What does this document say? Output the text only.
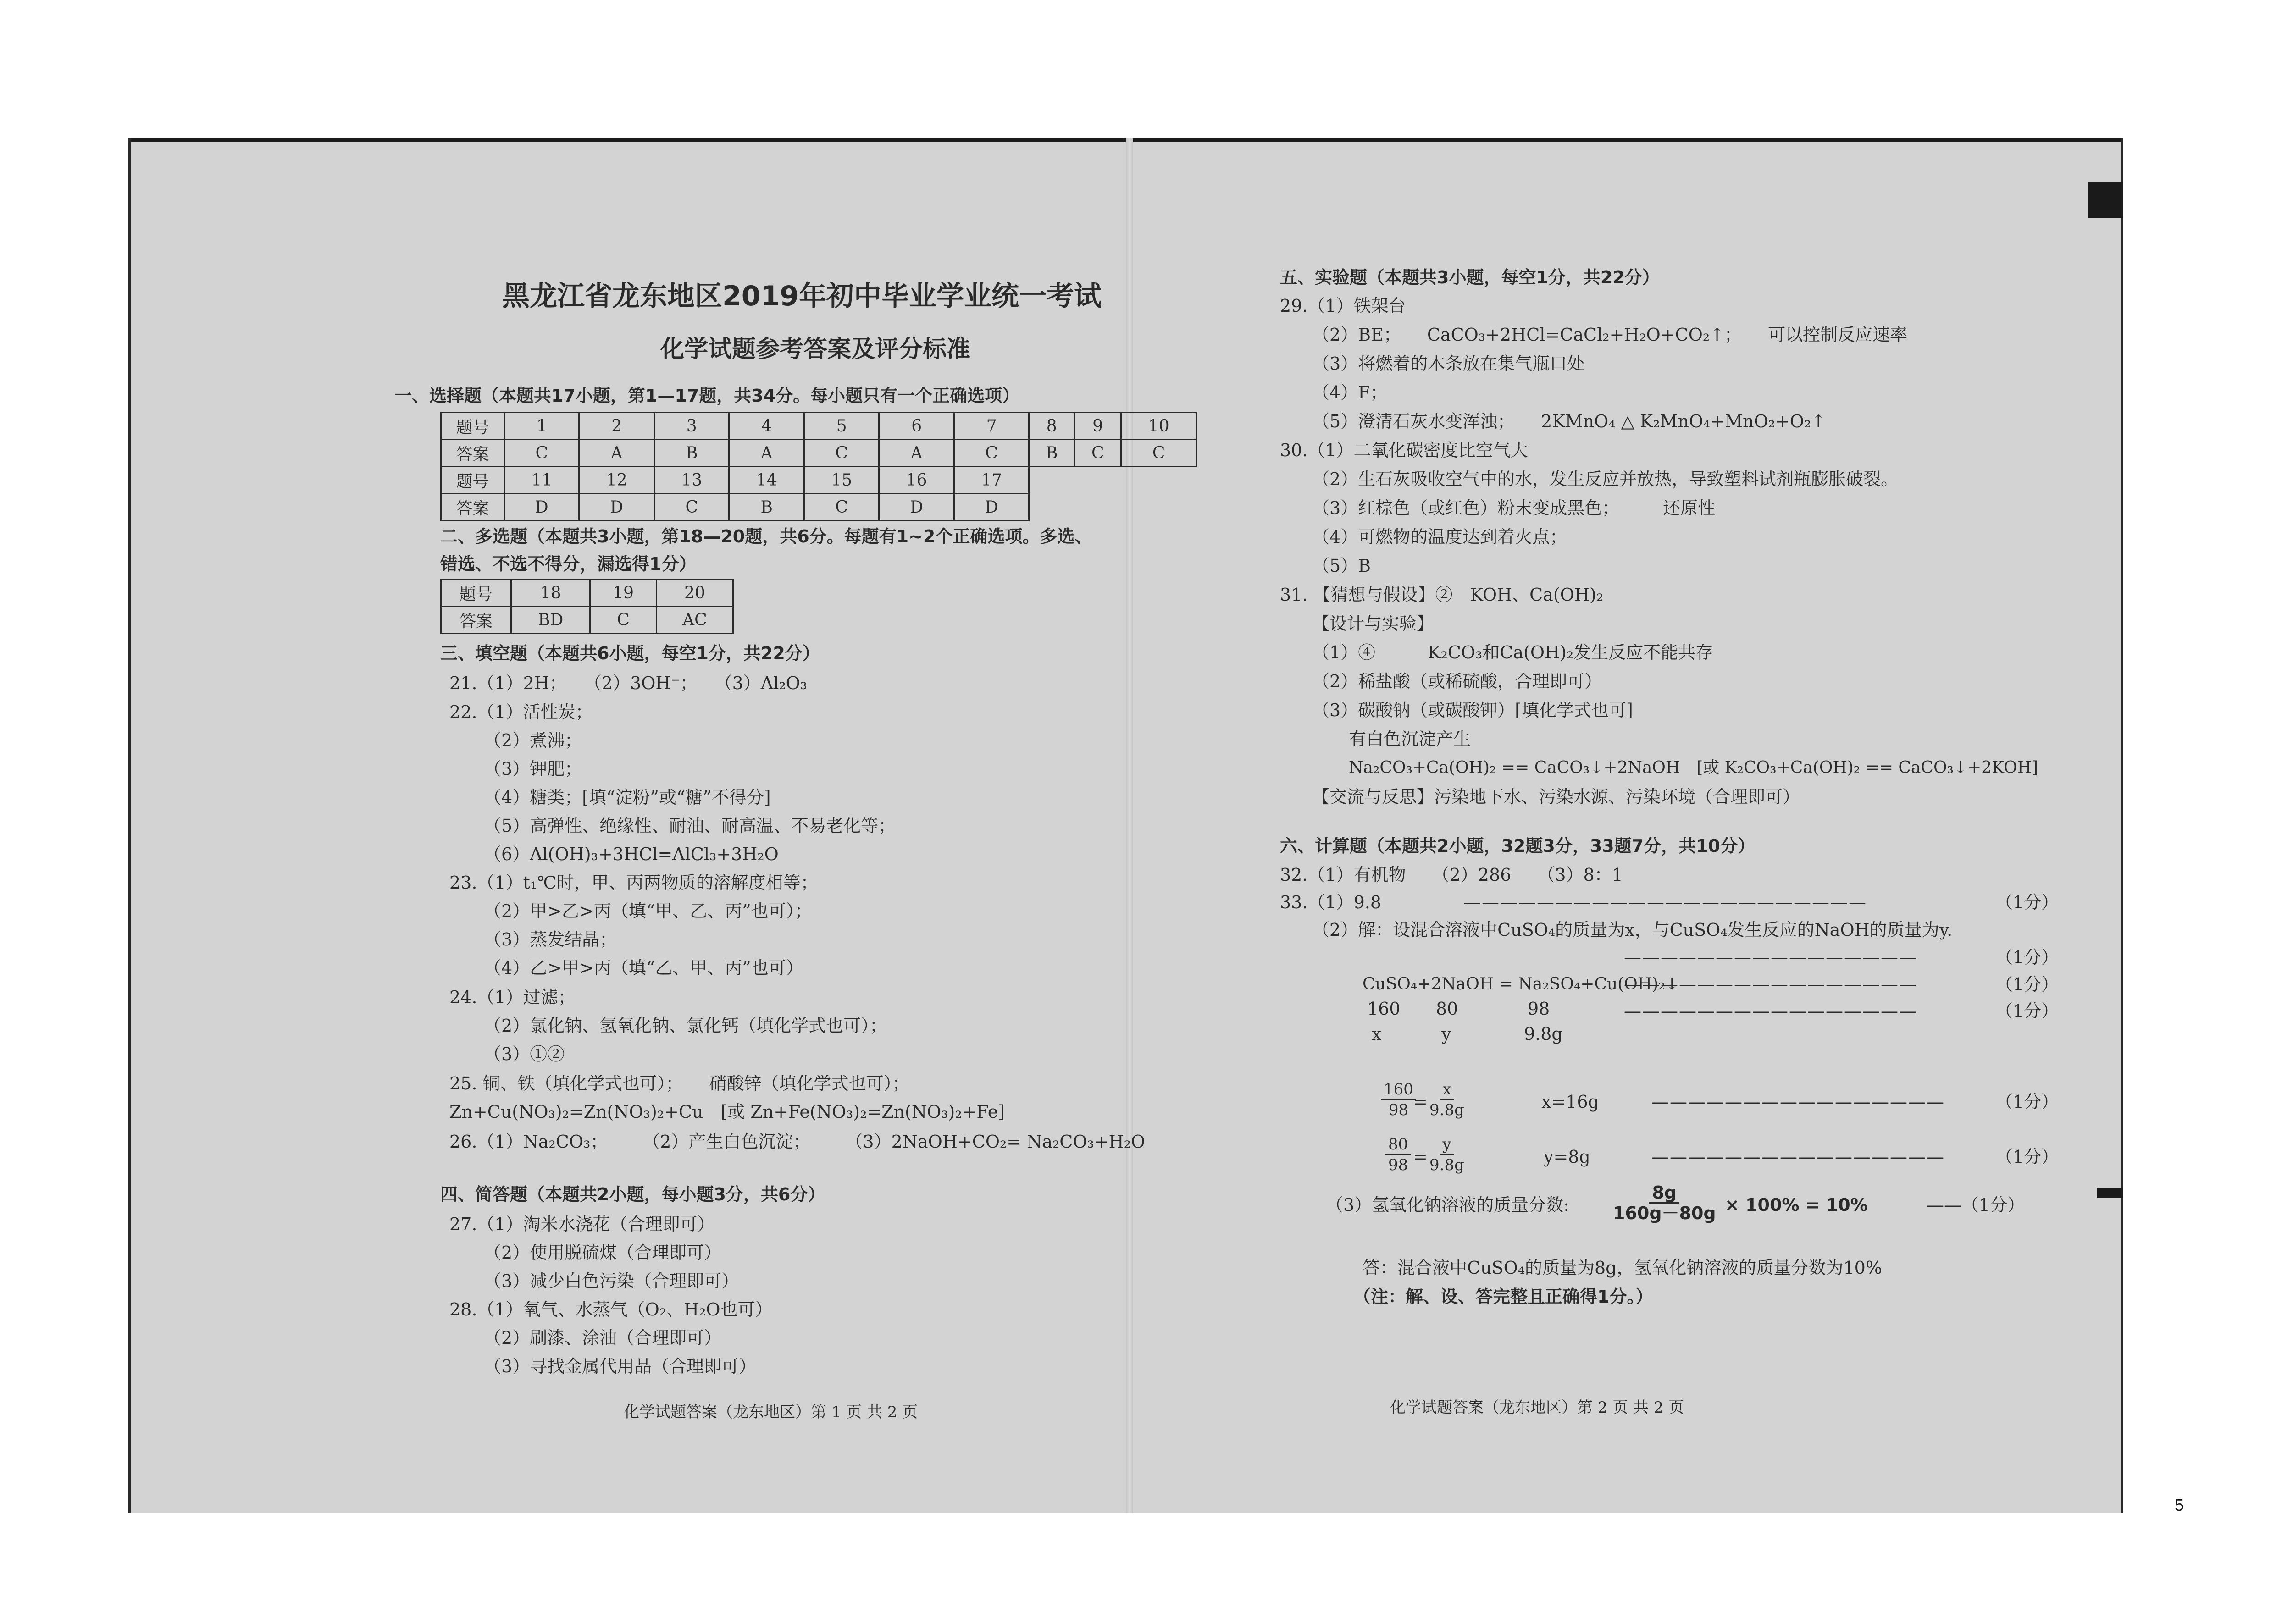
黑龙江省龙东地区2019年初中毕业学业统一考试
化学试题参考答案及评分标准
一、选择题（本题共17小题，第1—17题，共34分。每小题只有一个正确选项）
题号	1	2	3	4	5	6	7	8	9	10
答案	C	A	B	A	C	A	C	B	C	C
题号	11	12	13	14	15	16	17			
答案	D	D	C	B	C	D	D			
二、多选题（本题共3小题，第18—20题，共6分。每题有1~2个正确选项。多选、
错选、不选不得分，漏选得1分）
题号	18	19	20
答案	BD	C	AC
三、填空题（本题共6小题，每空1分，共22分）
21.（1）2H；　　（2）3OH⁻；　　（3）Al₂O₃
22.（1）活性炭；
（2）煮沸；
（3）钾肥；
（4）糖类；[填“淀粉”或“糖”不得分]
（5）高弹性、绝缘性、耐油、耐高温、不易老化等；
（6）Al(OH)₃+3HCl=AlCl₃+3H₂O
23.（1）t₁℃时，甲、丙两物质的溶解度相等；
（2）甲>乙>丙（填“甲、乙、丙”也可）；
（3）蒸发结晶；
（4）乙>甲>丙（填“乙、甲、丙”也可）
24.（1）过滤；
（2）氯化钠、氢氧化钠、氯化钙（填化学式也可）；
（3）①②
25. 铜、铁（填化学式也可）；　　硝酸锌（填化学式也可）；
Zn+Cu(NO₃)₂=Zn(NO₃)₂+Cu　[或 Zn+Fe(NO₃)₂=Zn(NO₃)₂+Fe]
26.（1）Na₂CO₃；　　　（2）产生白色沉淀；　　　（3）2NaOH+CO₂= Na₂CO₃+H₂O
四、简答题（本题共2小题，每小题3分，共6分）
27.（1）淘米水浇花（合理即可）
（2）使用脱硫煤（合理即可）
（3）减少白色污染（合理即可）
28.（1）氧气、水蒸气（O₂、H₂O也可）
（2）刷漆、涂油（合理即可）
（3）寻找金属代用品（合理即可）
化学试题答案（龙东地区）第 1 页 共 2 页
五、实验题（本题共3小题，每空1分，共22分）
29.（1）铁架台
（2）BE；　　CaCO₃+2HCl=CaCl₂+H₂O+CO₂↑；　　可以控制反应速率
（3）将燃着的木条放在集气瓶口处
（4）F；
（5）澄清石灰水变浑浊；　　2KMnO₄ △ K₂MnO₄+MnO₂+O₂↑
30.（1）二氧化碳密度比空气大
（2）生石灰吸收空气中的水，发生反应并放热，导致塑料试剂瓶膨胀破裂。
（3）红棕色（或红色）粉末变成黑色；　　　还原性
（4）可燃物的温度达到着火点；
（5）B
31. 【猜想与假设】②　KOH、Ca(OH)₂
【设计与实验】
（1）④　　　K₂CO₃和Ca(OH)₂发生反应不能共存
（2）稀盐酸（或稀硫酸，合理即可）
（3）碳酸钠（或碳酸钾）[填化学式也可]
有白色沉淀产生
Na₂CO₃+Ca(OH)₂ == CaCO₃↓+2NaOH　[或 K₂CO₃+Ca(OH)₂ == CaCO₃↓+2KOH]
【交流与反思】污染地下水、污染水源、污染环境（合理即可）
六、计算题（本题共2小题，32题3分，33题7分，共10分）
32.（1）有机物　　（2）286　　（3）8：1
33.（1）9.8	——————————————————————	（1分）
（2）解：设混合溶液中CuSO₄的质量为x，与CuSO₄发生反应的NaOH的质量为y.
————————————————	（1分）
CuSO₄+2NaOH = Na₂SO₄+Cu(OH)₂↓
————————————————	（1分）
160 80	98	————————————————	（1分）
x	y	9.8g
$\frac{160}{98}$
=
$\frac{x}{9.8g}$	x=16g	————————————————	（1分）
$\frac{80}{98}$ =
$\frac{y}{9.8g}$	y=8g	————————————————	（1分）
（3）氢氧化钠溶液的质量分数: $\frac{8g}{160g-80g} \times 100\% = 10\%$	——（1分）
答：混合液中CuSO₄的质量为8g，氢氧化钠溶液的质量分数为10%
（注：解、设、答完整且正确得1分。）
化学试题答案（龙东地区）第 2 页 共 2 页
5
